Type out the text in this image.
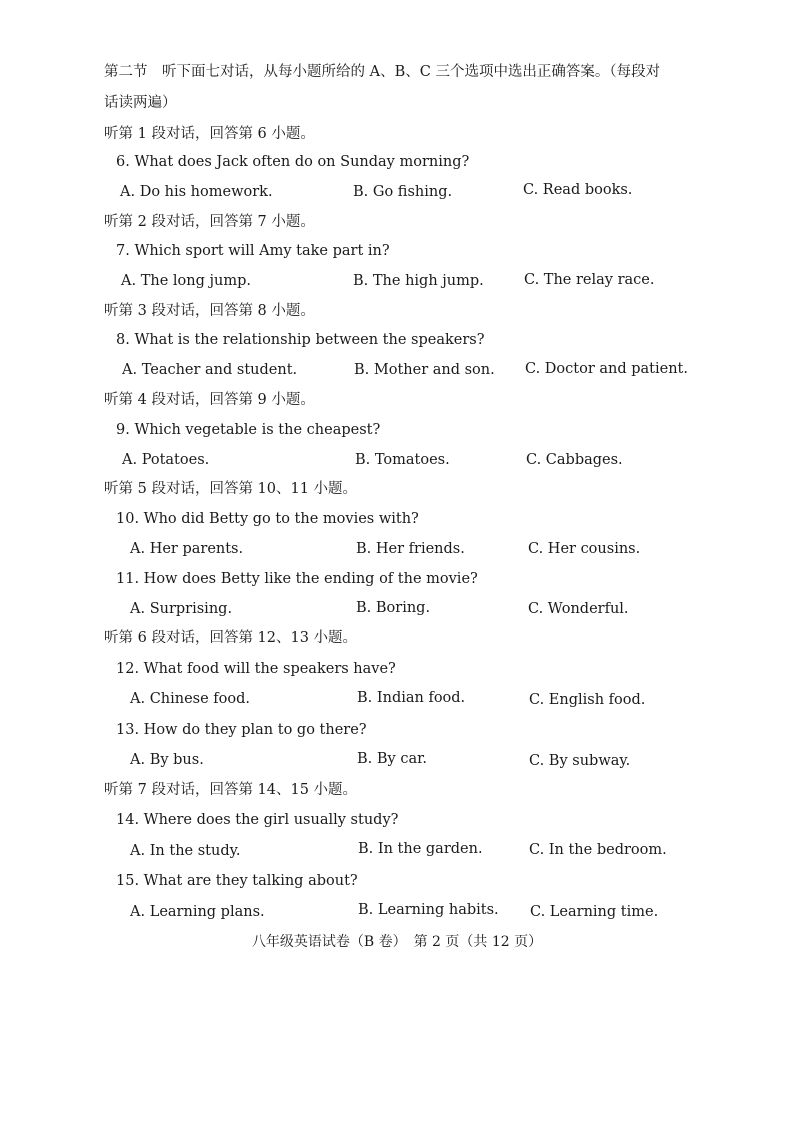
第二节　听下面七对话，从每小题所给的 A、B、C 三个选项中选出正确答案。（每段对
话读两遍）
听第 1 段对话，回答第 6 小题。
6. What does Jack often do on Sunday morning?
A. Do his homework.	B. Go fishing.	C. Read books.
听第 2 段对话，回答第 7 小题。
7. Which sport will Amy take part in?
A. The long jump.	B. The high jump.	C. The relay race.
听第 3 段对话，回答第 8 小题。
8. What is the relationship between the speakers?
A. Teacher and student.	B. Mother and son. C. Doctor and patient.
听第 4 段对话，回答第 9 小题。
9. Which vegetable is the cheapest?
A. Potatoes.	B. Tomatoes.	C. Cabbages.
听第 5 段对话，回答第 10、11 小题。
10. Who did Betty go to the movies with?
A. Her parents.	B. Her friends.	C. Her cousins.
11. How does Betty like the ending of the movie?
A. Surprising.	B. Boring.	C. Wonderful.
听第 6 段对话，回答第 12、13 小题。
12. What food will the speakers have?
A. Chinese food.	B. Indian food.	C. English food.
13. How do they plan to go there?
A. By bus.	B. By car.	C. By subway.
听第 7 段对话，回答第 14、15 小题。
14. Where does the girl usually study?
A. In the study.	B. In the garden.	C. In the bedroom.
15. What are they talking about?
A. Learning plans.	B. Learning habits. C. Learning time.
八年级英语试卷（B 卷）　第 2 页（共 12 页）
